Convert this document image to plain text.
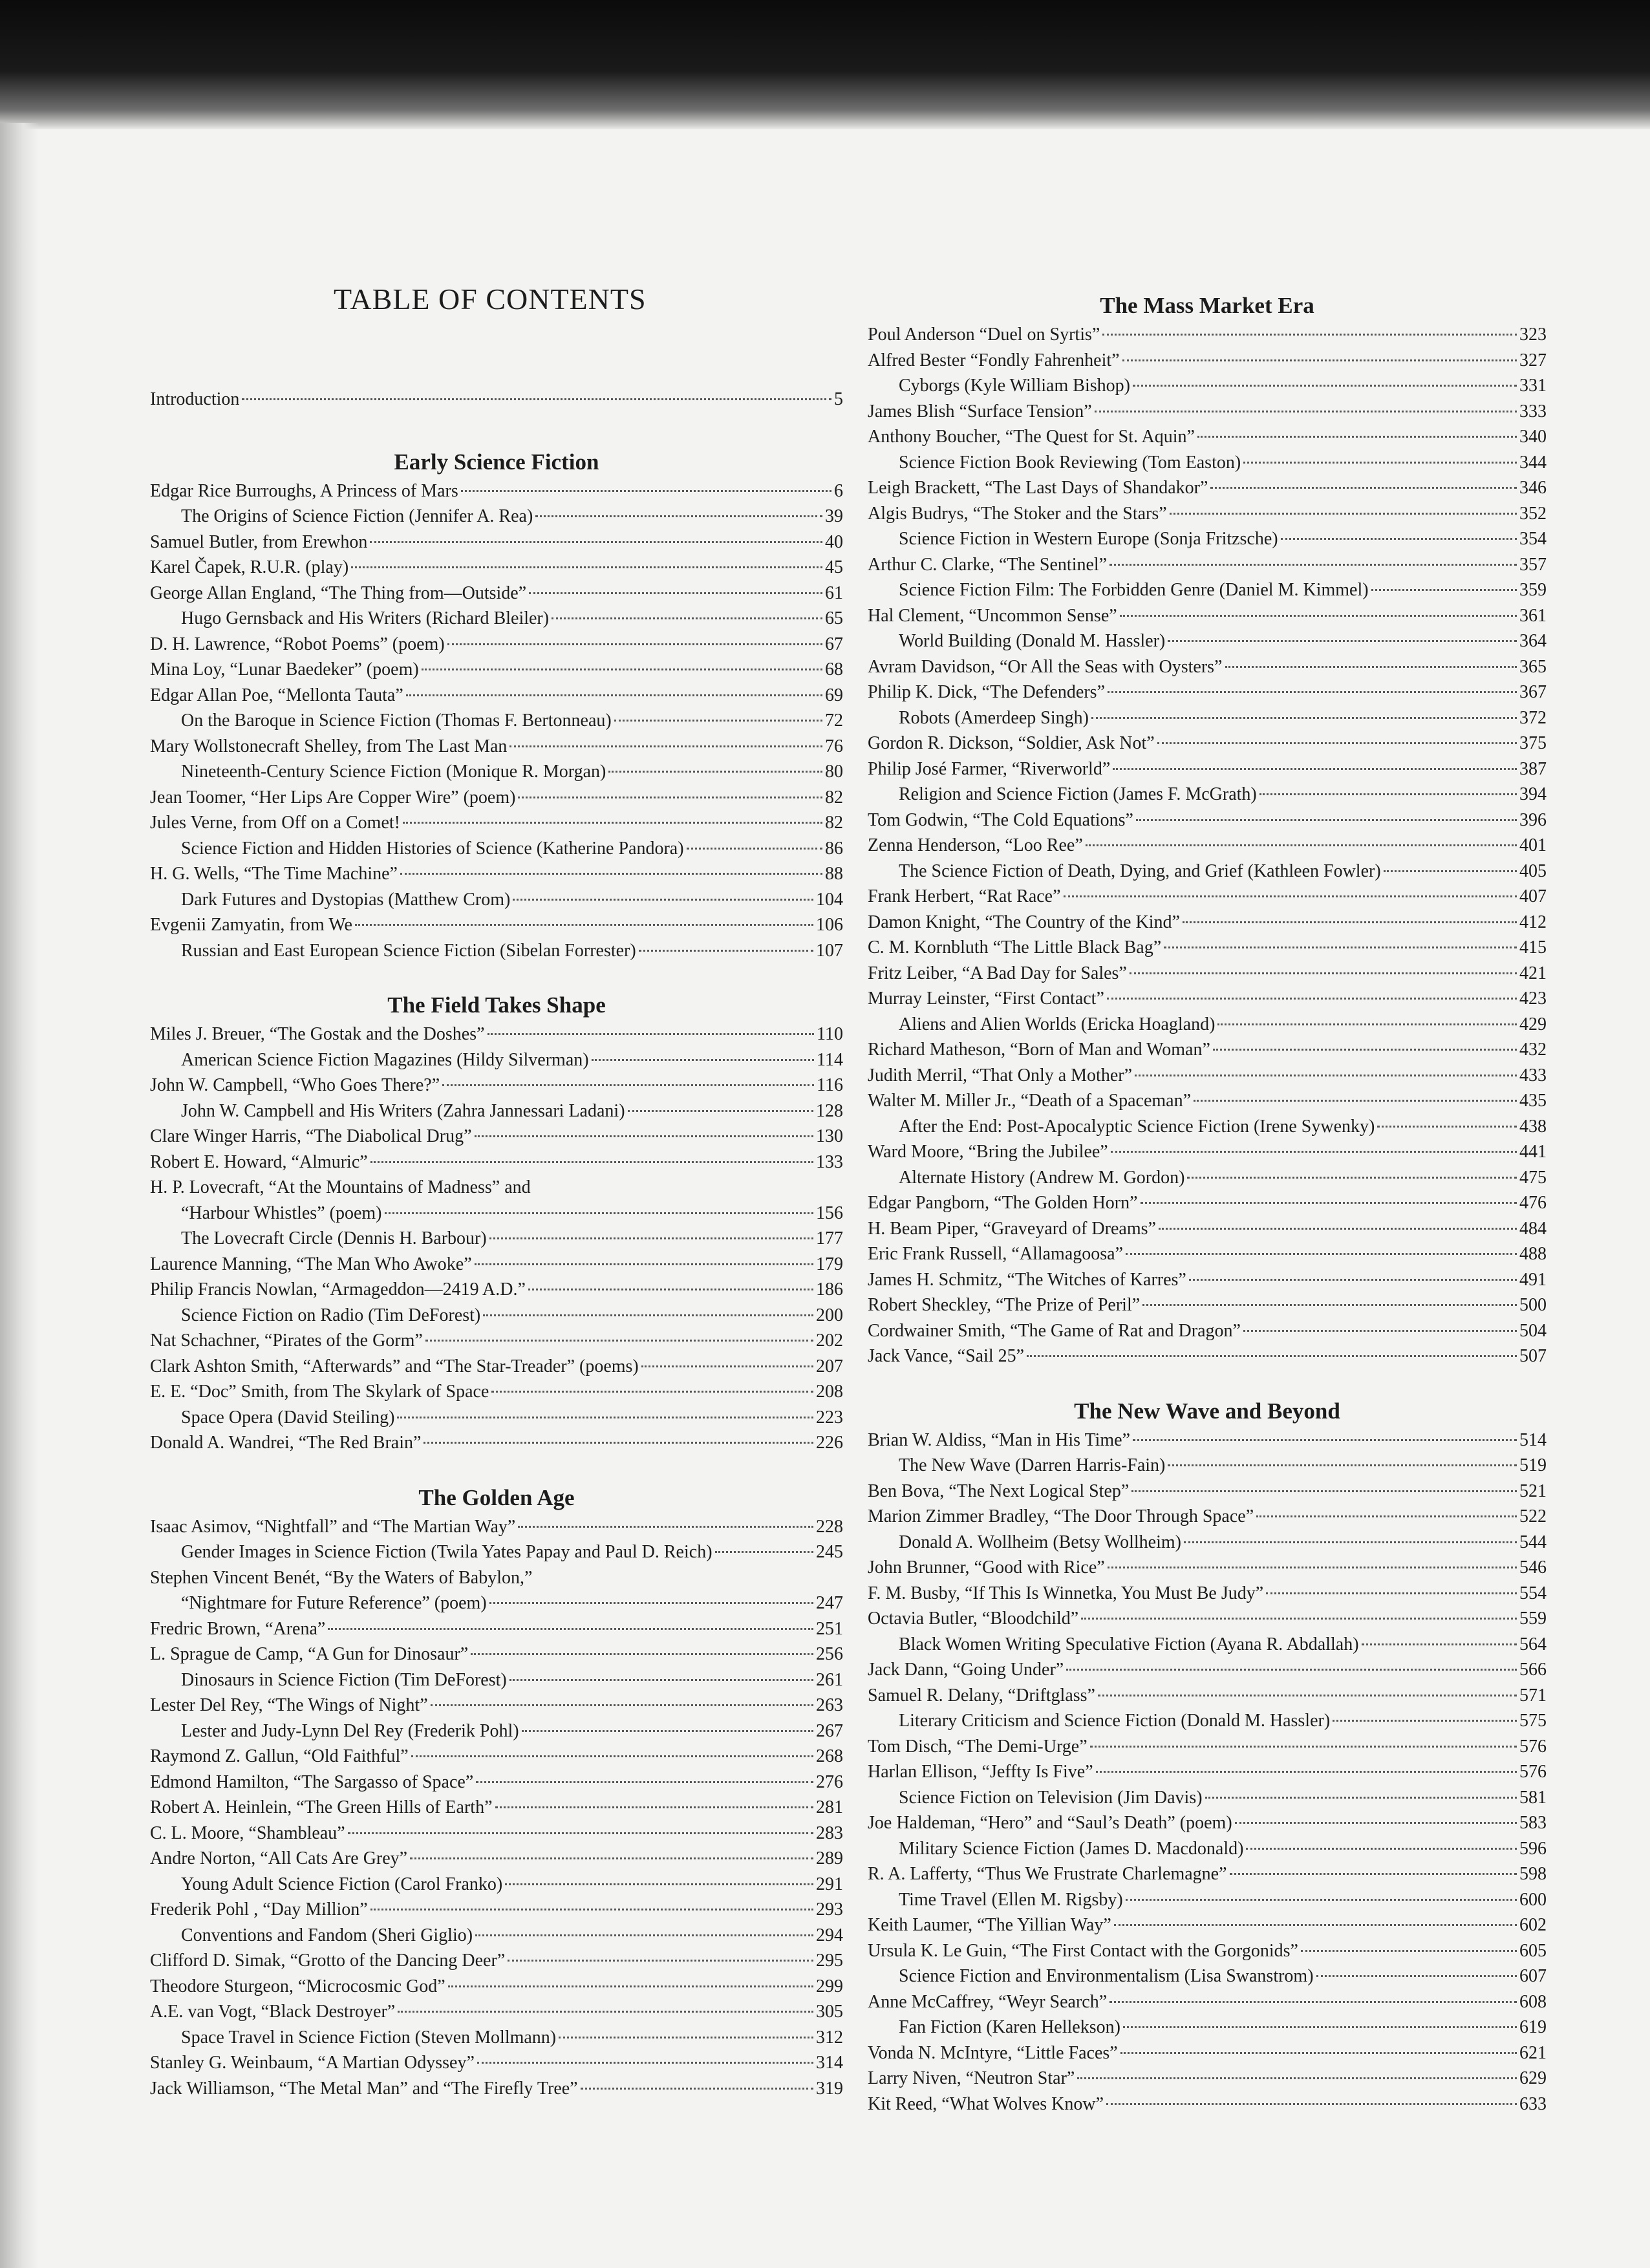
TABLE OF CONTENTS
Introduction	5
Early Science Fiction
Edgar Rice Burroughs, A Princess of Mars	6
The Origins of Science Fiction (Jennifer A. Rea)	39
Samuel Butler, from Erewhon	40
Karel Čapek, R.U.R. (play)	45
George Allan England, “The Thing from—Outside”	61
Hugo Gernsback and His Writers (Richard Bleiler)	65
D. H. Lawrence, “Robot Poems” (poem)	67
Mina Loy, “Lunar Baedeker” (poem)	68
Edgar Allan Poe, “Mellonta Tauta”	69
On the Baroque in Science Fiction (Thomas F. Bertonneau)	72
Mary Wollstonecraft Shelley, from The Last Man	76
Nineteenth-Century Science Fiction (Monique R. Morgan)	80
Jean Toomer, “Her Lips Are Copper Wire” (poem)	82
Jules Verne, from Off on a Comet!	82
Science Fiction and Hidden Histories of Science (Katherine Pandora)	86
H. G. Wells, “The Time Machine”	88
Dark Futures and Dystopias (Matthew Crom)	104
Evgenii Zamyatin, from We	106
Russian and East European Science Fiction (Sibelan Forrester)	107
The Field Takes Shape
Miles J. Breuer, “The Gostak and the Doshes”	110
American Science Fiction Magazines (Hildy Silverman)	114
John W. Campbell, “Who Goes There?”	116
John W. Campbell and His Writers (Zahra Jannessari Ladani)	128
Clare Winger Harris, “The Diabolical Drug”	130
Robert E. Howard, “Almuric”	133
H. P. Lovecraft, “At the Mountains of Madness” and
“Harbour Whistles” (poem)	156
The Lovecraft Circle (Dennis H. Barbour)	177
Laurence Manning, “The Man Who Awoke”	179
Philip Francis Nowlan, “Armageddon—2419 A.D.”	186
Science Fiction on Radio (Tim DeForest)	200
Nat Schachner, “Pirates of the Gorm”	202
Clark Ashton Smith, “Afterwards” and “The Star-Treader” (poems)	207
E. E. “Doc” Smith, from The Skylark of Space	208
Space Opera (David Steiling)	223
Donald A. Wandrei, “The Red Brain”	226
The Golden Age
Isaac Asimov, “Nightfall” and “The Martian Way”	228
Gender Images in Science Fiction (Twila Yates Papay and Paul D. Reich)	245
Stephen Vincent Benét, “By the Waters of Babylon,”
“Nightmare for Future Reference” (poem)	247
Fredric Brown, “Arena”	251
L. Sprague de Camp, “A Gun for Dinosaur”	256
Dinosaurs in Science Fiction (Tim DeForest)	261
Lester Del Rey, “The Wings of Night”	263
Lester and Judy-Lynn Del Rey (Frederik Pohl)	267
Raymond Z. Gallun, “Old Faithful”	268
Edmond Hamilton, “The Sargasso of Space”	276
Robert A. Heinlein, “The Green Hills of Earth”	281
C. L. Moore, “Shambleau”	283
Andre Norton, “All Cats Are Grey”	289
Young Adult Science Fiction (Carol Franko)	291
Frederik Pohl , “Day Million”	293
Conventions and Fandom (Sheri Giglio)	294
Clifford D. Simak, “Grotto of the Dancing Deer”	295
Theodore Sturgeon, “Microcosmic God”	299
A.E. van Vogt, “Black Destroyer”	305
Space Travel in Science Fiction (Steven Mollmann)	312
Stanley G. Weinbaum, “A Martian Odyssey”	314
Jack Williamson, “The Metal Man” and “The Firefly Tree”	319
The Mass Market Era
Poul Anderson “Duel on Syrtis”	323
Alfred Bester “Fondly Fahrenheit”	327
Cyborgs (Kyle William Bishop)	331
James Blish “Surface Tension”	333
Anthony Boucher, “The Quest for St. Aquin”	340
Science Fiction Book Reviewing (Tom Easton)	344
Leigh Brackett, “The Last Days of Shandakor”	346
Algis Budrys, “The Stoker and the Stars”	352
Science Fiction in Western Europe (Sonja Fritzsche)	354
Arthur C. Clarke, “The Sentinel”	357
Science Fiction Film: The Forbidden Genre (Daniel M. Kimmel)	359
Hal Clement, “Uncommon Sense”	361
World Building (Donald M. Hassler)	364
Avram Davidson, “Or All the Seas with Oysters”	365
Philip K. Dick, “The Defenders”	367
Robots (Amerdeep Singh)	372
Gordon R. Dickson, “Soldier, Ask Not”	375
Philip José Farmer, “Riverworld”	387
Religion and Science Fiction (James F. McGrath)	394
Tom Godwin, “The Cold Equations”	396
Zenna Henderson, “Loo Ree”	401
The Science Fiction of Death, Dying, and Grief (Kathleen Fowler)	405
Frank Herbert, “Rat Race”	407
Damon Knight, “The Country of the Kind”	412
C. M. Kornbluth “The Little Black Bag”	415
Fritz Leiber, “A Bad Day for Sales”	421
Murray Leinster, “First Contact”	423
Aliens and Alien Worlds (Ericka Hoagland)	429
Richard Matheson, “Born of Man and Woman”	432
Judith Merril, “That Only a Mother”	433
Walter M. Miller Jr., “Death of a Spaceman”	435
After the End: Post-Apocalyptic Science Fiction (Irene Sywenky)	438
Ward Moore, “Bring the Jubilee”	441
Alternate History (Andrew M. Gordon)	475
Edgar Pangborn, “The Golden Horn”	476
H. Beam Piper, “Graveyard of Dreams”	484
Eric Frank Russell, “Allamagoosa”	488
James H. Schmitz, “The Witches of Karres”	491
Robert Sheckley, “The Prize of Peril”	500
Cordwainer Smith, “The Game of Rat and Dragon”	504
Jack Vance, “Sail 25”	507
The New Wave and Beyond
Brian W. Aldiss, “Man in His Time”	514
The New Wave (Darren Harris-Fain)	519
Ben Bova, “The Next Logical Step”	521
Marion Zimmer Bradley, “The Door Through Space”	522
Donald A. Wollheim (Betsy Wollheim)	544
John Brunner, “Good with Rice”	546
F. M. Busby, “If This Is Winnetka, You Must Be Judy”	554
Octavia Butler, “Bloodchild”	559
Black Women Writing Speculative Fiction (Ayana R. Abdallah)	564
Jack Dann, “Going Under”	566
Samuel R. Delany, “Driftglass”	571
Literary Criticism and Science Fiction (Donald M. Hassler)	575
Tom Disch, “The Demi-Urge”	576
Harlan Ellison, “Jeffty Is Five”	576
Science Fiction on Television (Jim Davis)	581
Joe Haldeman, “Hero” and “Saul’s Death” (poem)	583
Military Science Fiction (James D. Macdonald)	596
R. A. Lafferty, “Thus We Frustrate Charlemagne”	598
Time Travel (Ellen M. Rigsby)	600
Keith Laumer, “The Yillian Way”	602
Ursula K. Le Guin, “The First Contact with the Gorgonids”	605
Science Fiction and Environmentalism (Lisa Swanstrom)	607
Anne McCaffrey, “Weyr Search”	608
Fan Fiction (Karen Hellekson)	619
Vonda N. McIntyre, “Little Faces”	621
Larry Niven, “Neutron Star”	629
Kit Reed, “What Wolves Know”	633
